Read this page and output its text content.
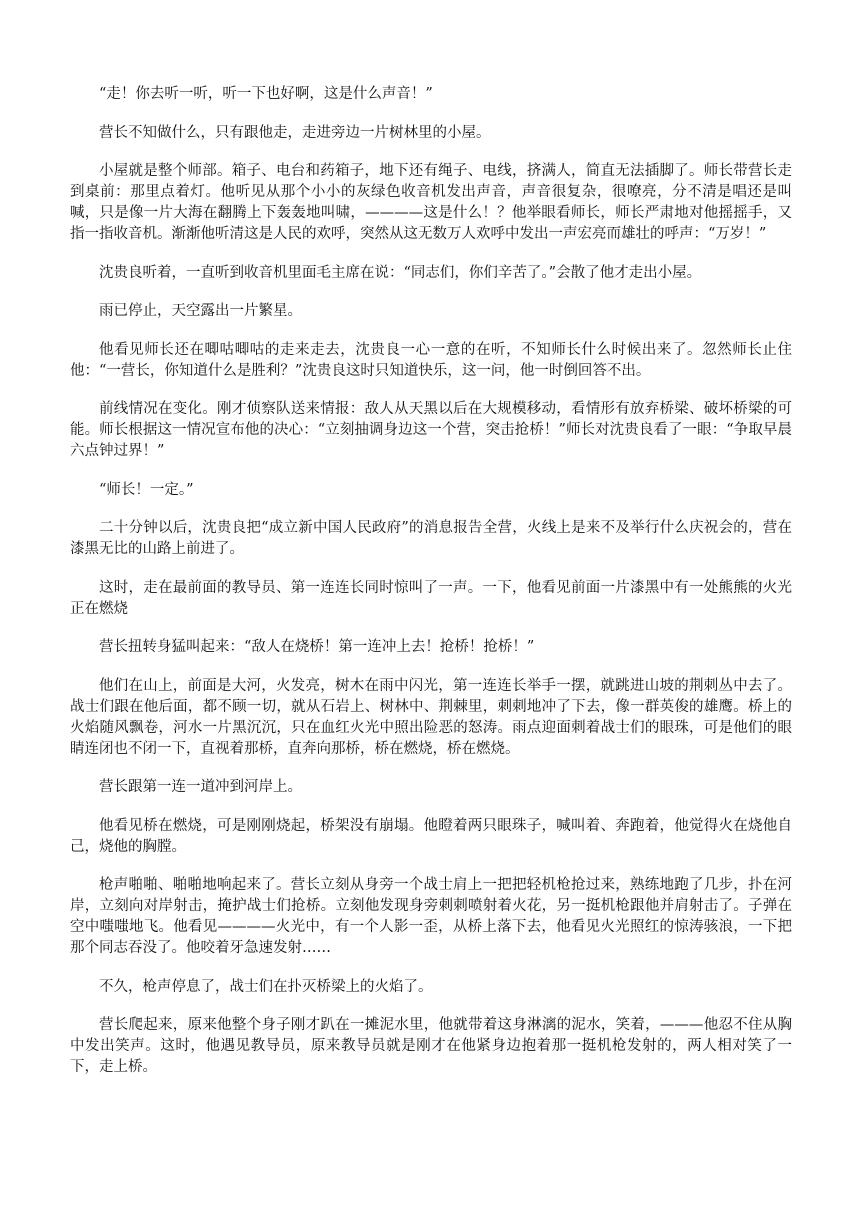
“走！你去听一听，听一下也好啊，这是什么声音！”

营长不知做什么，只有跟他走，走进旁边一片树林里的小屋。

小屋就是整个师部。箱子、电台和药箱子，地下还有绳子、电线，挤满人，简直无法插脚了。师长带营长走到桌前：那里点着灯。他听见从那个小小的灰绿色收音机发出声音，声音很复杂，很嘹亮，分不清是唱还是叫喊，只是像一片大海在翻腾上下轰轰地叫啸，————这是什么！？他举眼看师长，师长严肃地对他摇摇手，又指一指收音机。渐渐他听清这是人民的欢呼，突然从这无数万人欢呼中发出一声宏亮而雄壮的呼声：“万岁！”

沈贵良听着，一直听到收音机里面毛主席在说：“同志们，你们辛苦了。”会散了他才走出小屋。

雨已停止，天空露出一片繁星。

他看见师长还在唧咕唧咕的走来走去，沈贵良一心一意的在听，不知师长什么时候出来了。忽然师长止住他：“一营长，你知道什么是胜利？”沈贵良这时只知道快乐，这一问，他一时倒回答不出。

前线情况在变化。刚才侦察队送来情报：敌人从天黑以后在大规模移动，看情形有放弃桥梁、破坏桥梁的可能。师长根据这一情况宣布他的决心：“立刻抽调身边这一个营，突击抢桥！”师长对沈贵良看了一眼：“争取早晨六点钟过界！”

“师长！一定。”

二十分钟以后，沈贵良把“成立新中国人民政府”的消息报告全营，火线上是来不及举行什么庆祝会的，营在漆黑无比的山路上前进了。

这时，走在最前面的教导员、第一连连长同时惊叫了一声。一下，他看见前面一片漆黑中有一处熊熊的火光正在燃烧

营长扭转身猛叫起来：“敌人在烧桥！第一连冲上去！抢桥！抢桥！”

他们在山上，前面是大河，火发亮，树木在雨中闪光，第一连连长举手一摆，就跳进山坡的荆刺丛中去了。战士们跟在他后面，都不顾一切，就从石岩上、树林中、荆棘里，刺刺地冲了下去，像一群英俊的雄鹰。桥上的火焰随风飘卷，河水一片黑沉沉，只在血红火光中照出险恶的怒涛。雨点迎面刺着战士们的眼珠，可是他们的眼睛连闭也不闭一下，直视着那桥，直奔向那桥，桥在燃烧，桥在燃烧。

营长跟第一连一道冲到河岸上。

他看见桥在燃烧，可是刚刚烧起，桥架没有崩塌。他瞪着两只眼珠子，喊叫着、奔跑着，他觉得火在烧他自己，烧他的胸膛。

枪声啪啪、啪啪地响起来了。营长立刻从身旁一个战士肩上一把把轻机枪抢过来，熟练地跑了几步，扑在河岸，立刻向对岸射击，掩护战士们抢桥。立刻他发现身旁刺刺喷射着火花，另一挺机枪跟他并肩射击了。子弹在空中嗤嗤地飞。他看见————火光中，有一个人影一歪，从桥上落下去，他看见火光照红的惊涛骇浪，一下把那个同志吞没了。他咬着牙急速发射……

不久，枪声停息了，战士们在扑灭桥梁上的火焰了。

营长爬起来，原来他整个身子刚才趴在一摊泥水里，他就带着这身淋漓的泥水，笑着，———他忍不住从胸中发出笑声。这时，他遇见教导员，原来教导员就是刚才在他紧身边抱着那一挺机枪发射的，两人相对笑了一下，走上桥。
